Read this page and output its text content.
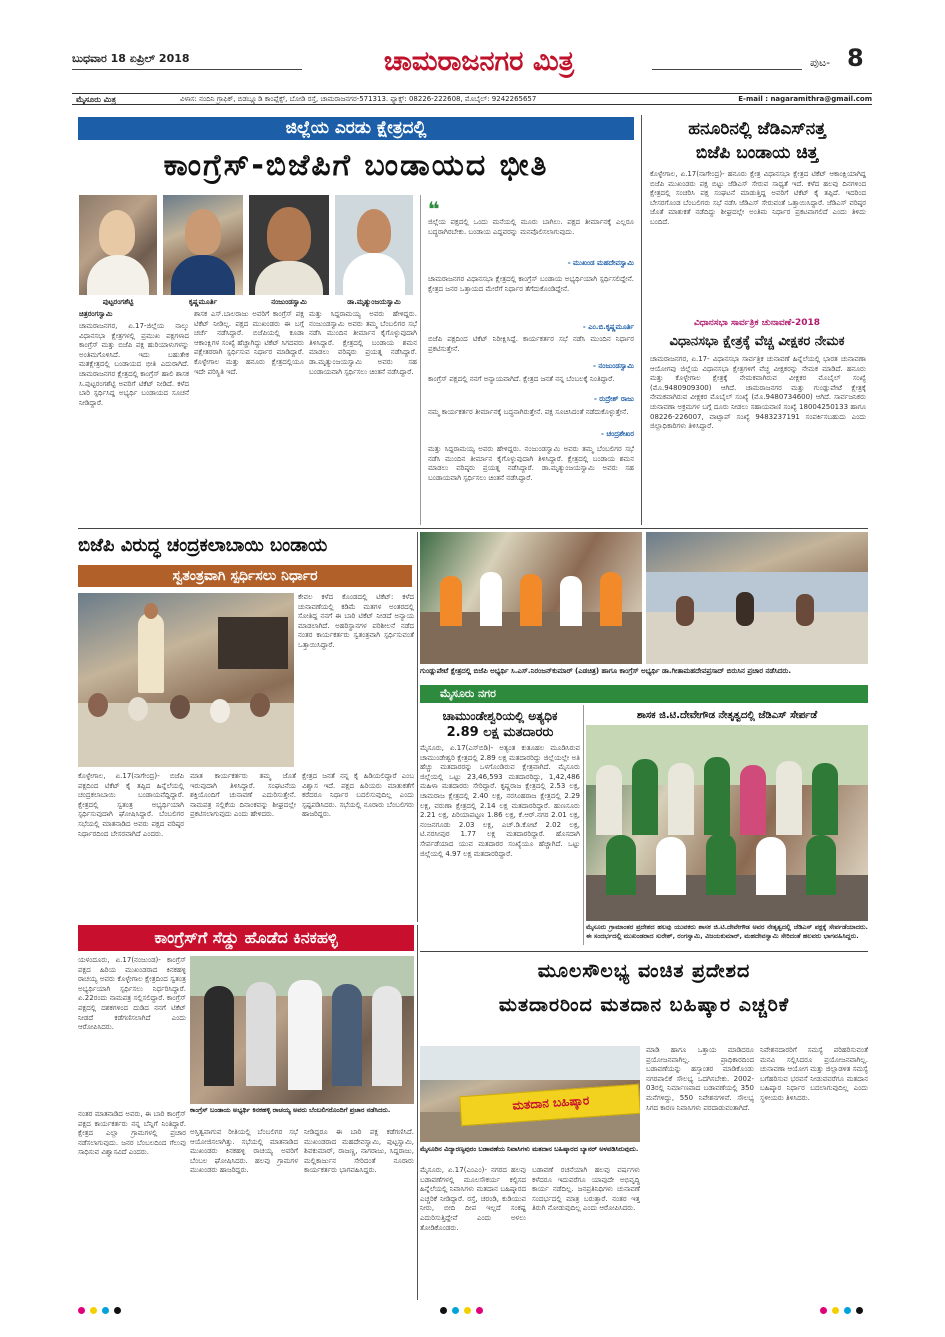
ಬುಧವಾರ 18 ಏಪ್ರಿಲ್ 2018	ಚಾಮರಾಜನಗರ ಮಿತ್ರ	ಪುಟ- 8
ಮೈಸೂರು ಮಿತ್ರ	ವಿಳಾಸ: ನಂದಿನಿ ಗ್ರಾಫಿಕ್, ಬಿಡಬ್ಲ್ಯೂಡಿ ಕಾಂಪ್ಲೆಕ್ಸ್, ಬೋಡಿ ರಸ್ತೆ, ಚಾಮರಾಜನಗರ-571313. ಫ್ಯಾಕ್ಸ್: 08226-222608, ಮೊಬೈಲ್: 9242265657	E-mail : nagaramithra@gmail.com
ಜಿಲ್ಲೆಯ ಎರಡು ಕ್ಷೇತ್ರದಲ್ಲಿ
ಕಾಂಗ್ರೆಸ್-ಬಿಜೆಪಿಗೆ ಬಂಡಾಯದ ಭೀತಿ
ಪುಟ್ಟರಂಗಶೆಟ್ಟಿ	ಕೃಷ್ಣಮೂರ್ತಿ	ನಂಜುಂಡಸ್ವಾಮಿ	ಡಾ.ಮೃತ್ಯುಂಜಯಸ್ವಾಮಿ
ಚಿತ್ರರಂಗಸ್ವಾಮಿ
ಚಾಮರಾಜನಗರ, ಏ.17-ಜಿಲ್ಲೆಯ ನಾಲ್ಕು ವಿಧಾನಸಭಾ ಕ್ಷೇತ್ರಗಳಲ್ಲಿ ಪ್ರಮುಖ ಪಕ್ಷಗಳಾದ ಕಾಂಗ್ರೆಸ್ ಮತ್ತು ಬಿಜೆಪಿ ಪಕ್ಷ ಹುರಿಯಾಳುಗಳನ್ನು ಅಂತಿಮಗೊಳಿಸಿದೆ. ಇದು ಬಹುತೇಕ ಮತಕ್ಷೇತ್ರದಲ್ಲಿ ಬಂಡಾಯದ ಭೀತಿ ಎದುರಾಗಿದೆ. ಚಾಮರಾಜನಗರ ಕ್ಷೇತ್ರದಲ್ಲಿ ಕಾಂಗ್ರೆಸ್ ಹಾಲಿ ಶಾಸಕ ಸಿ.ಪುಟ್ಟರಂಗಶೆಟ್ಟಿ ಅವರಿಗೆ ಟಿಕೆಟ್ ನೀಡಿದೆ. ಕಳೆದ ಬಾರಿ ಸ್ಪರ್ಧಿಸಿದ್ದ ಅಭ್ಯರ್ಥಿ ಬಂಡಾಯದ ಸೂಚನೆ ನೀಡಿದ್ದಾರೆ.
ಶಾಸಕ ಎಸ್.ಬಾಲರಾಜು ಅವರಿಗೆ ಕಾಂಗ್ರೆಸ್ ಪಕ್ಷ ಟಿಕೆಟ್ ನೀಡಿಲ್ಲ. ಪಕ್ಷದ ಮುಖಂಡರು ಈ ಬಗ್ಗೆ ಚರ್ಚೆ ನಡೆಸಿದ್ದಾರೆ. ಬಿಜೆಪಿಯಲ್ಲಿ ಕೂಡಾ ಆಕಾಂಕ್ಷಿಗಳ ಸಂಖ್ಯೆ ಹೆಚ್ಚಾಗಿದ್ದು ಟಿಕೆಟ್ ಸಿಗದವರು ಪಕ್ಷೇತರರಾಗಿ ಸ್ಪರ್ಧಿಸುವ ನಿರ್ಧಾರ ಮಾಡಿದ್ದಾರೆ. ಕೊಳ್ಳೇಗಾಲ ಮತ್ತು ಹನೂರು ಕ್ಷೇತ್ರದಲ್ಲಿಯೂ ಇದೇ ಪರಿಸ್ಥಿತಿ ಇದೆ.
ಮತ್ತು ಸಿದ್ದರಾಮಯ್ಯ ಅವರು ಹೇಳಿದ್ದರು. ನಂಜುಂಡಸ್ವಾಮಿ ಅವರು ತಮ್ಮ ಬೆಂಬಲಿಗರ ಸಭೆ ನಡೆಸಿ ಮುಂದಿನ ತೀರ್ಮಾನ ಕೈಗೊಳ್ಳುವುದಾಗಿ ತಿಳಿಸಿದ್ದಾರೆ. ಕ್ಷೇತ್ರದಲ್ಲಿ ಬಂಡಾಯ ಶಮನ ಮಾಡಲು ವರಿಷ್ಠರು ಪ್ರಯತ್ನ ನಡೆಸಿದ್ದಾರೆ. ಡಾ.ಮೃತ್ಯುಂಜಯಸ್ವಾಮಿ ಅವರು ಸಹ ಬಂಡಾಯವಾಗಿ ಸ್ಪರ್ಧಿಸಲು ಚಿಂತನೆ ನಡೆಸಿದ್ದಾರೆ.
❝
ಜಿಲ್ಲೆಯ ಪಕ್ಷದಲ್ಲಿ ಒಂದು ಮನೆಯಲ್ಲಿ ಮೂರು ಬಾಗಿಲು. ಪಕ್ಷದ ತೀರ್ಮಾನಕ್ಕೆ ಎಲ್ಲರೂ ಬದ್ಧರಾಗಿರಬೇಕು. ಬಂಡಾಯ ಎದ್ದವರನ್ನು ಮನವೊಲಿಸಲಾಗುವುದು.
- ಮುಖಂಡ ಮಹದೇವಸ್ವಾಮಿ
ಚಾಮರಾಜನಗರ ವಿಧಾನಸಭಾ ಕ್ಷೇತ್ರದಲ್ಲಿ ಕಾಂಗ್ರೆಸ್ ಬಂಡಾಯ ಅಭ್ಯರ್ಥಿಯಾಗಿ ಸ್ಪರ್ಧಿಸಲಿದ್ದೇನೆ. ಕ್ಷೇತ್ರದ ಜನರ ಒತ್ತಾಯದ ಮೇರೆಗೆ ನಿರ್ಧಾರ ತೆಗೆದುಕೊಂಡಿದ್ದೇನೆ.
- ಎಂ.ಬಿ.ಕೃಷ್ಣಮೂರ್ತಿ
ಬಿಜೆಪಿ ಪಕ್ಷದಿಂದ ಟಿಕೆಟ್ ನಿರೀಕ್ಷಿಸಿದ್ದೆ. ಕಾರ್ಯಕರ್ತರ ಸಭೆ ನಡೆಸಿ ಮುಂದಿನ ನಿರ್ಧಾರ ಪ್ರಕಟಿಸುತ್ತೇನೆ.
- ನಂಜುಂಡಸ್ವಾಮಿ
ಕಾಂಗ್ರೆಸ್ ಪಕ್ಷದಲ್ಲಿ ನನಗೆ ಅನ್ಯಾಯವಾಗಿದೆ. ಕ್ಷೇತ್ರದ ಜನತೆ ನನ್ನ ಬೆಂಬಲಕ್ಕೆ ನಿಂತಿದ್ದಾರೆ.
- ರುದ್ರೇಶ್ ರಾಜು
ನಮ್ಮ ಕಾರ್ಯಕರ್ತರ ತೀರ್ಮಾನಕ್ಕೆ ಬದ್ಧನಾಗಿರುತ್ತೇನೆ. ಪಕ್ಷ ಸೂಚಿಸಿದಂತೆ ನಡೆದುಕೊಳ್ಳುತ್ತೇನೆ.
- ಚಂದ್ರಶೇಖರ
ಮತ್ತು ಸಿದ್ದರಾಮಯ್ಯ ಅವರು ಹೇಳಿದ್ದರು. ನಂಜುಂಡಸ್ವಾಮಿ ಅವರು ತಮ್ಮ ಬೆಂಬಲಿಗರ ಸಭೆ ನಡೆಸಿ ಮುಂದಿನ ತೀರ್ಮಾನ ಕೈಗೊಳ್ಳುವುದಾಗಿ ತಿಳಿಸಿದ್ದಾರೆ. ಕ್ಷೇತ್ರದಲ್ಲಿ ಬಂಡಾಯ ಶಮನ ಮಾಡಲು ವರಿಷ್ಠರು ಪ್ರಯತ್ನ ನಡೆಸಿದ್ದಾರೆ. ಡಾ.ಮೃತ್ಯುಂಜಯಸ್ವಾಮಿ ಅವರು ಸಹ ಬಂಡಾಯವಾಗಿ ಸ್ಪರ್ಧಿಸಲು ಚಿಂತನೆ ನಡೆಸಿದ್ದಾರೆ.
ಹನೂರಿನಲ್ಲಿ ಜೆಡಿಎಸ್‌ನತ್ತ
ಬಿಜೆಪಿ ಬಂಡಾಯ ಚಿತ್ತ
ಕೊಳ್ಳೇಗಾಲ, ಏ.17(ನಾಗೇಂದ್ರ)- ಹನೂರು ಕ್ಷೇತ್ರ ವಿಧಾನಸಭಾ ಕ್ಷೇತ್ರದ ಟಿಕೆಟ್ ಆಕಾಂಕ್ಷಿಯಾಗಿದ್ದ ಬಿಜೆಪಿ ಮುಖಂಡರು ಪಕ್ಷ ಬಿಟ್ಟು ಜೆಡಿಎಸ್ ಸೇರುವ ಸಾಧ್ಯತೆ ಇದೆ. ಕಳೆದ ಹಲವು ದಿನಗಳಿಂದ ಕ್ಷೇತ್ರದಲ್ಲಿ ಸಂಚರಿಸಿ ಪಕ್ಷ ಸಂಘಟನೆ ಮಾಡುತ್ತಿದ್ದ ಅವರಿಗೆ ಟಿಕೆಟ್ ಕೈ ತಪ್ಪಿದೆ. ಇದರಿಂದ ಬೇಸರಗೊಂಡ ಬೆಂಬಲಿಗರು ಸಭೆ ನಡೆಸಿ ಜೆಡಿಎಸ್ ಸೇರುವಂತೆ ಒತ್ತಾಯಿಸಿದ್ದಾರೆ. ಜೆಡಿಎಸ್ ವರಿಷ್ಠರ ಜೊತೆ ಮಾತುಕತೆ ನಡೆದಿದ್ದು ಶೀಘ್ರದಲ್ಲೇ ಅಂತಿಮ ನಿರ್ಧಾರ ಪ್ರಕಟವಾಗಲಿದೆ ಎಂದು ತಿಳಿದು ಬಂದಿದೆ.
ವಿಧಾನಸಭಾ ಸಾರ್ವತ್ರಿಕ ಚುನಾವಣೆ-2018
ವಿಧಾನಸಭಾ ಕ್ಷೇತ್ರಕ್ಕೆ ವೆಚ್ಚ ವೀಕ್ಷಕರ ನೇಮಕ
ಚಾಮರಾಜನಗರ, ಏ.17- ವಿಧಾನಸಭಾ ಸಾರ್ವತ್ರಿಕ ಚುನಾವಣೆ ಹಿನ್ನೆಲೆಯಲ್ಲಿ ಭಾರತ ಚುನಾವಣಾ ಆಯೋಗವು ಜಿಲ್ಲೆಯ ವಿಧಾನಸಭಾ ಕ್ಷೇತ್ರಗಳಿಗೆ ವೆಚ್ಚ ವೀಕ್ಷಕರನ್ನು ನೇಮಕ ಮಾಡಿದೆ. ಹನೂರು ಮತ್ತು ಕೊಳ್ಳೇಗಾಲ ಕ್ಷೇತ್ರಕ್ಕೆ ನೇಮಕವಾಗಿರುವ ವೀಕ್ಷಕರ ಮೊಬೈಲ್ ಸಂಖ್ಯೆ (ಮೊ.9480909300) ಆಗಿದೆ. ಚಾಮರಾಜನಗರ ಮತ್ತು ಗುಂಡ್ಲುಪೇಟೆ ಕ್ಷೇತ್ರಕ್ಕೆ ನೇಮಕವಾಗಿರುವ ವೀಕ್ಷಕರ ಮೊಬೈಲ್ ಸಂಖ್ಯೆ (ಮೊ.9480734600) ಆಗಿದೆ. ಸಾರ್ವಜನಿಕರು ಚುನಾವಣಾ ಅಕ್ರಮಗಳ ಬಗ್ಗೆ ದೂರು ನೀಡಲು ಸಹಾಯವಾಣಿ ಸಂಖ್ಯೆ 18004250133 ಹಾಗೂ 08226-226007, ವಾಟ್ಸಾಪ್ ಸಂಖ್ಯೆ 9483237191 ಸಂಪರ್ಕಿಸಬಹುದು ಎಂದು ಜಿಲ್ಲಾಧಿಕಾರಿಗಳು ತಿಳಿಸಿದ್ದಾರೆ.
ಬಿಜೆಪಿ ವಿರುದ್ಧ ಚಂದ್ರಕಲಾಬಾಯಿ ಬಂಡಾಯ
ಸ್ವತಂತ್ರವಾಗಿ ಸ್ಪರ್ಧಿಸಲು ನಿರ್ಧಾರ
ಕೇವಲ ಕಳೆದ ಕೊಂಡದಲ್ಲಿ ಟಿಕೆಟ್: ಕಳೆದ ಚುನಾವಣೆಯಲ್ಲಿ ಕಡಿಮೆ ಮತಗಳ ಅಂತರದಲ್ಲಿ ಸೋತಿದ್ದ ನನಗೆ ಈ ಬಾರಿ ಟಿಕೆಟ್ ನೀಡದೆ ಅನ್ಯಾಯ ಮಾಡಲಾಗಿದೆ. ಅಹರಿಸ್ಥಾನಗಳ ಪರಿಶೀಲನೆ ನಡೆದ ನಂತರ ಕಾರ್ಯಕರ್ತರು ಸ್ವತಂತ್ರವಾಗಿ ಸ್ಪರ್ಧಿಸುವಂತೆ ಒತ್ತಾಯಿಸಿದ್ದಾರೆ.
ಕೊಳ್ಳೇಗಾಲ, ಏ.17(ನಾಗೇಂದ್ರ)- ಬಿಜೆಪಿ ಪಕ್ಷದಿಂದ ಟಿಕೆಟ್ ಕೈ ತಪ್ಪಿದ ಹಿನ್ನೆಲೆಯಲ್ಲಿ ಚಂದ್ರಕಲಾಬಾಯಿ ಬಂಡಾಯವೆದ್ದಿದ್ದಾರೆ. ಕ್ಷೇತ್ರದಲ್ಲಿ ಸ್ವತಂತ್ರ ಅಭ್ಯರ್ಥಿಯಾಗಿ ಸ್ಪರ್ಧಿಸುವುದಾಗಿ ಘೋಷಿಸಿದ್ದಾರೆ. ಬೆಂಬಲಿಗರ ಸಭೆಯಲ್ಲಿ ಮಾತನಾಡಿದ ಅವರು ಪಕ್ಷದ ವರಿಷ್ಠರ ನಿರ್ಧಾರದಿಂದ ಬೇಸರವಾಗಿದೆ ಎಂದರು.
ಮಾತ ಕಾರ್ಯಕರ್ತರು ತಮ್ಮ ಜೊತೆ ಇರುವುದಾಗಿ ತಿಳಿಸಿದ್ದಾರೆ. ಸಂಘಟನೆಯ ಶಕ್ತಿಯೊಂದಿಗೆ ಚುನಾವಣೆ ಎದುರಿಸುತ್ತೇನೆ. ನಾಮಪತ್ರ ಸಲ್ಲಿಕೆಯ ದಿನಾಂಕವನ್ನು ಶೀಘ್ರದಲ್ಲೇ ಪ್ರಕಟಿಸಲಾಗುವುದು ಎಂದು ಹೇಳಿದರು.
ಕ್ಷೇತ್ರದ ಜನತೆ ನನ್ನ ಕೈ ಹಿಡಿಯಲಿದ್ದಾರೆ ಎಂಬ ವಿಶ್ವಾಸ ಇದೆ. ಪಕ್ಷದ ಹಿರಿಯರು ಮಾತುಕತೆಗೆ ಕರೆದರೂ ನಿರ್ಧಾರ ಬದಲಿಸುವುದಿಲ್ಲ ಎಂದು ಸ್ಪಷ್ಟಪಡಿಸಿದರು. ಸಭೆಯಲ್ಲಿ ನೂರಾರು ಬೆಂಬಲಿಗರು ಹಾಜರಿದ್ದರು.
ಗುಂಡ್ಲುಪೇಟೆ ಕ್ಷೇತ್ರದಲ್ಲಿ ಬಿಜೆಪಿ ಅಭ್ಯರ್ಥಿ ಸಿ.ಎಸ್.ನಿರಂಜನ್‌ಕುಮಾರ್ (ಎಡಚಿತ್ರ) ಹಾಗೂ ಕಾಂಗ್ರೆಸ್ ಅಭ್ಯರ್ಥಿ ಡಾ.ಗೀತಾಮಹದೇವಪ್ರಸಾದ್ ಬಿರುಸಿನ ಪ್ರಚಾರ ನಡೆಸಿದರು.
ಮೈಸೂರು ನಗರ
ಚಾಮುಂಡೇಶ್ವರಿಯಲ್ಲಿ ಅತ್ಯಧಿಕ
2.89 ಲಕ್ಷ ಮತದಾರರು
ಮೈಸೂರು, ಏ.17(ಎಸ್‌ಬಿಡಿ)- ಅತ್ಯಂತ ಕುತೂಹಲ ಮೂಡಿಸಿರುವ ಚಾಮುಂಡೇಶ್ವರಿ ಕ್ಷೇತ್ರದಲ್ಲಿ 2.89 ಲಕ್ಷ ಮತದಾರರಿದ್ದು ಜಿಲ್ಲೆಯಲ್ಲೇ ಅತಿ ಹೆಚ್ಚು ಮತದಾರರನ್ನು ಒಳಗೊಂಡಿರುವ ಕ್ಷೇತ್ರವಾಗಿದೆ. ಮೈಸೂರು ಜಿಲ್ಲೆಯಲ್ಲಿ ಒಟ್ಟು 23,46,593 ಮತದಾರರಿದ್ದು, 1,42,486 ಮಹಿಳಾ ಮತದಾರರು ಸೇರಿದ್ದಾರೆ. ಕೃಷ್ಣರಾಜ ಕ್ಷೇತ್ರದಲ್ಲಿ 2.53 ಲಕ್ಷ, ಚಾಮರಾಜ ಕ್ಷೇತ್ರದಲ್ಲಿ 2.40 ಲಕ್ಷ, ನರಸಿಂಹರಾಜ ಕ್ಷೇತ್ರದಲ್ಲಿ 2.29 ಲಕ್ಷ, ವರುಣಾ ಕ್ಷೇತ್ರದಲ್ಲಿ 2.14 ಲಕ್ಷ ಮತದಾರರಿದ್ದಾರೆ. ಹುಣಸೂರು 2.21 ಲಕ್ಷ, ಪಿರಿಯಾಪಟ್ಟಣ 1.86 ಲಕ್ಷ, ಕೆ.ಆರ್.ನಗರ 2.01 ಲಕ್ಷ, ನಂಜನಗೂಡು 2.03 ಲಕ್ಷ, ಎಚ್.ಡಿ.ಕೋಟೆ 2.02 ಲಕ್ಷ, ಟಿ.ನರಸೀಪುರ 1.77 ಲಕ್ಷ ಮತದಾರರಿದ್ದಾರೆ. ಹೊಸದಾಗಿ ಸೇರ್ಪಡೆಯಾದ ಯುವ ಮತದಾರರ ಸಂಖ್ಯೆಯೂ ಹೆಚ್ಚಾಗಿದೆ. ಒಟ್ಟು ಜಿಲ್ಲೆಯಲ್ಲಿ 4.97 ಲಕ್ಷ ಮತದಾರರಿದ್ದಾರೆ.
ಶಾಸಕ ಜಿ.ಟಿ.ದೇವೇಗೌಡ ನೇತೃತ್ವದಲ್ಲಿ ಜೆಡಿಎಸ್ ಸೇರ್ಪಡೆ
ಮೈಸೂರು ಗ್ರಾಮಾಂತರ ಪ್ರದೇಶದ ಹಲವು ಯುವಕರು ಶಾಸಕ ಜಿ.ಟಿ.ದೇವೇಗೌಡ ಅವರ ನೇತೃತ್ವದಲ್ಲಿ ಜೆಡಿಎಸ್ ಪಕ್ಷಕ್ಕೆ ಸೇರ್ಪಡೆಯಾದರು. ಈ ಸಂದರ್ಭದಲ್ಲಿ ಮುಖಂಡರಾದ ಸುರೇಶ್, ರಂಗಸ್ವಾಮಿ, ವಿಜಯಕುಮಾರ್, ಮಹದೇವಸ್ವಾಮಿ ಸೇರಿದಂತೆ ಹಲವರು ಭಾಗವಹಿಸಿದ್ದರು.
ಕಾಂಗ್ರೆಸ್‌ಗೆ ಸೆಡ್ಡು ಹೊಡೆದ ಕಿನಕಹಳ್ಳಿ
ಯಳಂದೂರು, ಏ.17(ನಂಜುಂಡ)- ಕಾಂಗ್ರೆಸ್ ಪಕ್ಷದ ಹಿರಿಯ ಮುಖಂಡರಾದ ಕಿನಕಹಳ್ಳಿ ರಾಚಯ್ಯ ಅವರು ಕೊಳ್ಳೇಗಾಲ ಕ್ಷೇತ್ರದಿಂದ ಸ್ವತಂತ್ರ ಅಭ್ಯರ್ಥಿಯಾಗಿ ಸ್ಪರ್ಧಿಸಲು ನಿರ್ಧರಿಸಿದ್ದಾರೆ. ಏ.22ರಂದು ನಾಮಪತ್ರ ಸಲ್ಲಿಸಲಿದ್ದಾರೆ. ಕಾಂಗ್ರೆಸ್ ಪಕ್ಷದಲ್ಲಿ ದಶಕಗಳಿಂದ ದುಡಿದ ನನಗೆ ಟಿಕೆಟ್ ನೀಡದೆ ಕಡೆಗಣಿಸಲಾಗಿದೆ ಎಂದು ಆರೋಪಿಸಿದರು.
ಕಾಂಗ್ರೆಸ್ ಬಂಡಾಯ ಅಭ್ಯರ್ಥಿ ಕಿನಕಹಳ್ಳಿ ರಾಚಯ್ಯ ಅವರು ಬೆಂಬಲಿಗರೊಂದಿಗೆ ಪ್ರಚಾರ ನಡೆಸಿದರು.
ನಂತರ ಮಾತನಾಡಿದ ಅವರು, ಈ ಬಾರಿ ಕಾಂಗ್ರೆಸ್ ಪಕ್ಷದ ಕಾರ್ಯಕರ್ತರು ನನ್ನ ಬೆನ್ನಿಗೆ ನಿಂತಿದ್ದಾರೆ. ಕ್ಷೇತ್ರದ ಎಲ್ಲಾ ಗ್ರಾಮಗಳಲ್ಲಿ ಪ್ರಚಾರ ನಡೆಸಲಾಗುವುದು. ಜನರ ಬೆಂಬಲದಿಂದ ಗೆಲುವು ಸಾಧಿಸುವ ವಿಶ್ವಾಸವಿದೆ ಎಂದರು.
ಅಸ್ತಿತ್ವವಾಗುವ ರೀತಿಯಲ್ಲಿ ಬೆಂಬಲಿಗರ ಸಭೆ ಆಯೋಜಿಸಲಾಗಿತ್ತು. ಸಭೆಯಲ್ಲಿ ಮಾತನಾಡಿದ ಮುಖಂಡರು ಕಿನಕಹಳ್ಳಿ ರಾಚಯ್ಯ ಅವರಿಗೆ ಬೆಂಬಲ ಘೋಷಿಸಿದರು. ಹಲವು ಗ್ರಾಮಗಳ ಮುಖಂಡರು ಹಾಜರಿದ್ದರು.
ನೀಡಿದ್ದರೂ ಈ ಬಾರಿ ಪಕ್ಷ ಕಡೆಗಣಿಸಿದೆ. ಮುಖಂಡರಾದ ಮಹದೇವಸ್ವಾಮಿ, ಪುಟ್ಟಸ್ವಾಮಿ, ಶಿವಕುಮಾರ್, ರಾಜಣ್ಣ, ನಾಗರಾಜು, ಸಿದ್ದರಾಜು, ಮಲ್ಲಿಕಾರ್ಜುನ ಸೇರಿದಂತೆ ನೂರಾರು ಕಾರ್ಯಕರ್ತರು ಭಾಗವಹಿಸಿದ್ದರು.
ಮೂಲಸೌಲಭ್ಯ ವಂಚಿತ ಪ್ರದೇಶದ
ಮತದಾರರಿಂದ ಮತದಾನ ಬಹಿಷ್ಕಾರ ಎಚ್ಚರಿಕೆ
ಮತದಾನ ಬಹಿಷ್ಕಾರ
ಮೈಸೂರಿನ ವಿದ್ಯಾರಣ್ಯಪುರಂ ಬಡಾವಣೆಯ ನಿವಾಸಿಗಳು ಮತದಾನ ಬಹಿಷ್ಕಾರದ ಬ್ಯಾನರ್ ಅಳವಡಿಸಿರುವುದು.
ಮೈಸೂರು, ಏ.17(ಎಂಎಂ)- ನಗರದ ಹಲವು ಬಡಾವಣೆಗಳಲ್ಲಿ ಮೂಲಸೌಕರ್ಯ ಕಲ್ಪಿಸದ ಹಿನ್ನೆಲೆಯಲ್ಲಿ ನಿವಾಸಿಗಳು ಮತದಾನ ಬಹಿಷ್ಕಾರದ ಎಚ್ಚರಿಕೆ ನೀಡಿದ್ದಾರೆ. ರಸ್ತೆ, ಚರಂಡಿ, ಕುಡಿಯುವ ನೀರು, ಬೀದಿ ದೀಪ ಇಲ್ಲದೆ ಸಂಕಷ್ಟ ಎದುರಿಸುತ್ತಿದ್ದೇವೆ ಎಂದು ಅಳಲು ತೋಡಿಕೊಂಡರು.
ಬಡಾವಣೆ ರಚನೆಯಾಗಿ ಹಲವು ವರ್ಷಗಳು ಕಳೆದರೂ ಇದುವರೆಗೂ ಯಾವುದೇ ಅಭಿವೃದ್ಧಿ ಕಾರ್ಯ ನಡೆದಿಲ್ಲ. ಜನಪ್ರತಿನಿಧಿಗಳು ಚುನಾವಣೆ ಸಂದರ್ಭದಲ್ಲಿ ಮಾತ್ರ ಬರುತ್ತಾರೆ. ನಂತರ ಇತ್ತ ತಿರುಗಿ ನೋಡುವುದಿಲ್ಲ ಎಂದು ಆರೋಪಿಸಿದರು.
ಮಾಡಿ ಹಾಗೂ ಒತ್ತಾಯ ಮಾಡಿದರೂ ಪ್ರಯೋಜನವಾಗಿಲ್ಲ. ಪ್ರಾಧಿಕಾರದಿಂದ ಬಡಾವಣೆಯನ್ನು ಹಸ್ತಾಂತರ ಮಾಡಿಕೊಂಡು ನಗರಪಾಲಿಕೆ ಸೌಲಭ್ಯ ಒದಗಿಸಬೇಕು. 2002-03ರಲ್ಲಿ ನಿರ್ಮಾಣವಾದ ಬಡಾವಣೆಯಲ್ಲಿ 350 ಮನೆಗಳಿದ್ದು, 550 ನಿವೇಶನಗಳಿವೆ. ಸೌಲಭ್ಯ ಸಿಗದ ಕಾರಣ ನಿವಾಸಿಗಳು ಪರದಾಡುವಂತಾಗಿದೆ.
ನಿವೇಶನದಾರರಿಗೆ ಸಮಸ್ಯೆ ಪರಿಹರಿಸುವಂತೆ ಮನವಿ ಸಲ್ಲಿಸಿದರೂ ಪ್ರಯೋಜನವಾಗಿಲ್ಲ. ಚುನಾವಣಾ ಆಯೋಗ ಮತ್ತು ಜಿಲ್ಲಾಡಳಿತ ಸಮಸ್ಯೆ ಬಗೆಹರಿಸುವ ಭರವಸೆ ನೀಡುವವರೆಗೂ ಮತದಾನ ಬಹಿಷ್ಕಾರ ನಿರ್ಧಾರ ಬದಲಾಗುವುದಿಲ್ಲ ಎಂದು ಸ್ಥಳೀಯರು ತಿಳಿಸಿದರು.
